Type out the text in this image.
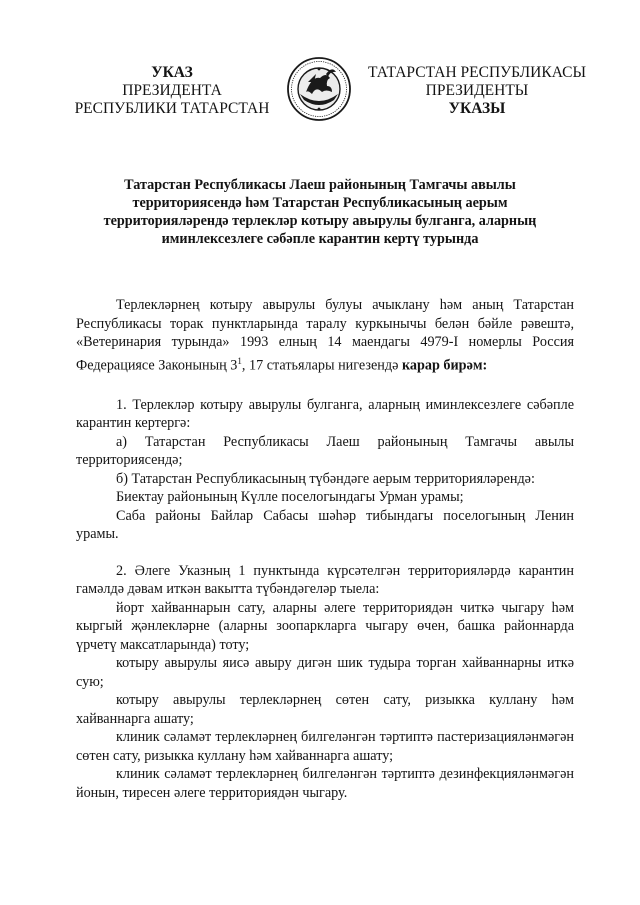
УКАЗ
ПРЕЗИДЕНТА
РЕСПУБЛИКИ ТАТАРСТАН
ТАТАРСТАН РЕСПУБЛИКАСЫ
ПРЕЗИДЕНТЫ
УКАЗЫ
Татарстан Республикасы Лаеш районының Тамгачы авылы
территориясендә һәм Татарстан Республикасының аерым
территорияләрендә терлекләр котыру авырулы булганга, аларның
иминлексезлеге сәбәпле карантин кертү турында
Терлекләрнең котыру авырулы булуы ачыклану һәм аның Татарстан Республикасы торак пунктларында таралу куркынычы белән бәйле рәвештә, «Ветеринария турында» 1993 елның 14 маендагы 4979-I номерлы Россия Федерациясе Законының $3^1$, 17 статьялары нигезендә карар бирәм:
1. Терлекләр котыру авырулы булганга, аларның иминлексезлеге сәбәпле карантин кертергә:
а) Татарстан Республикасы Лаеш районының Тамгачы авылы территориясендә;
б) Татарстан Республикасының түбәндәге аерым территорияләрендә:
Биектау районының Күлле поселогындагы Урман урамы;
Саба районы Байлар Сабасы шәһәр тибындагы поселогының Ленин урамы.
2. Әлеге Указның 1 пунктында күрсәтелгән территорияләрдә карантин гамәлдә дәвам иткән вакытта түбәндәгеләр тыела:
йорт хайваннарын сату, аларны әлеге территориядән читкә чыгару һәм кыргый җәнлекләрне (аларны зоопаркларга чыгару өчен, башка районнарда үрчетү максатларында) тоту;
котыру авырулы яисә авыру дигән шик тудыра торган хайваннарны иткә сую;
котыру авырулы терлекләрнең сөтен сату, ризыкка куллану һәм хайваннарга ашату;
клиник сәламәт терлекләрнең билгеләнгән тәртиптә пастеризацияләнмәгән сөтен сату, ризыкка куллану һәм хайваннарга ашату;
клиник сәламәт терлекләрнең билгеләнгән тәртиптә дезинфекцияләнмәгән йонын, тиресен әлеге территориядән чыгару.
